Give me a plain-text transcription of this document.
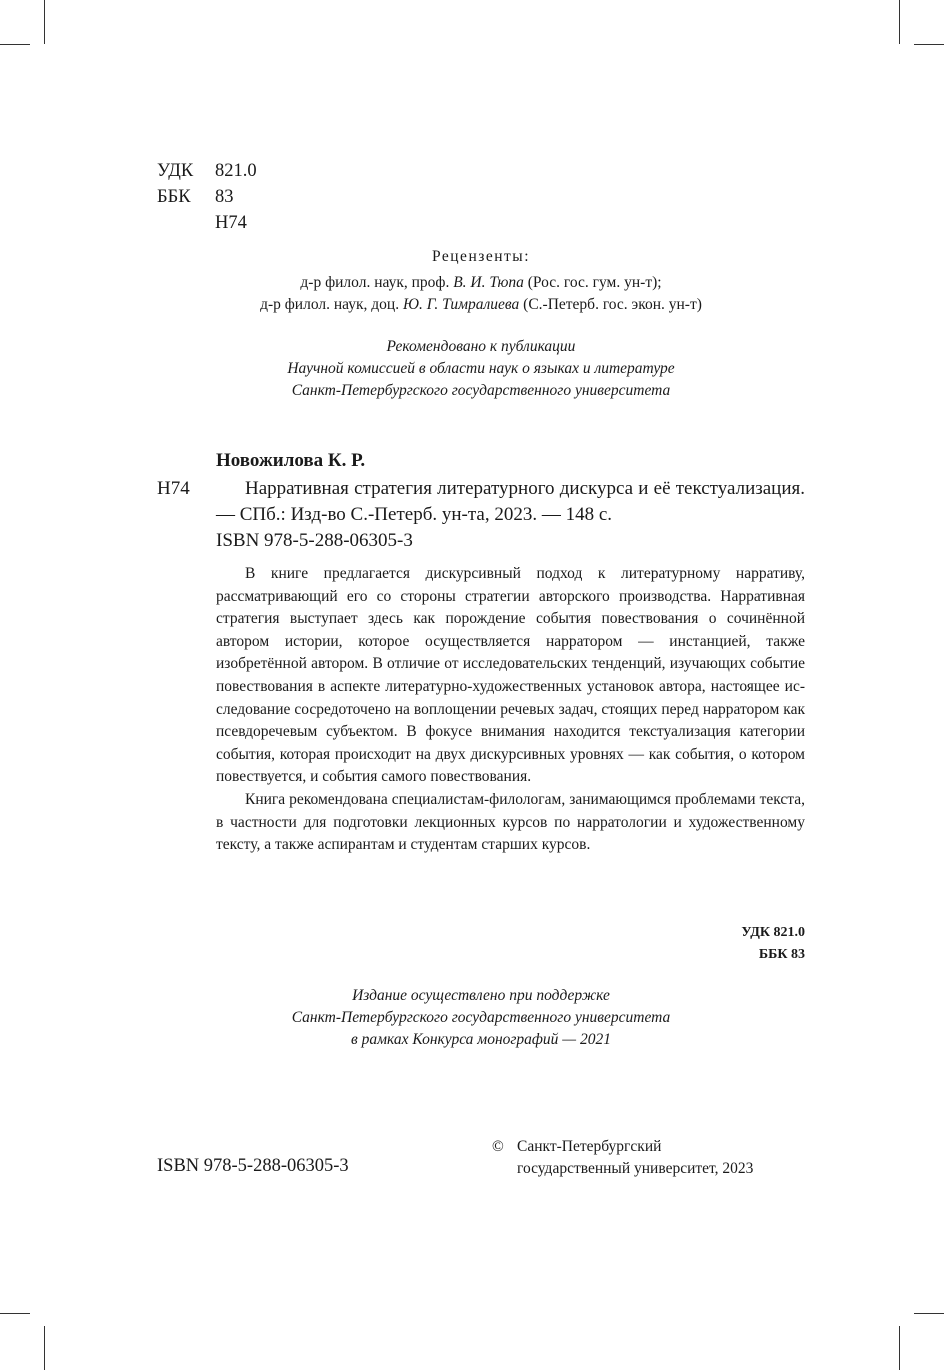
УДК	821.0
ББК	83
Н74
Рецензенты:
д-р филол. наук, проф. В. И. Тюпа (Рос. гос. гум. ун-т);
д-р филол. наук, доц. Ю. Г. Тимралиева (С.-Петерб. гос. экон. ун-т)
Рекомендовано к публикации
Научной комиссией в области наук о языках и литературе
Санкт-Петербургского государственного университета
Новожилова К. Р.
Н74	Нарративная стратегия литературного дискурса и её текстуализация. — СПб.: Изд-во С.-Петерб. ун-та, 2023. — 148 с.

ISBN 978-5-288-06305-3

В книге предлагается дискурсивный подход к литературному нарративу, рассматривающий его со стороны стратегии авторского производства. Нарративная стратегия выступает здесь как порождение события повествования о сочинённой автором истории, которое осуществляется нарратором — инстанцией, также изобретённой автором. В отличие от исследовательских тенденций, изучающих событие повествования в аспекте литературно-художественных установок автора, настоящее исследование сосредоточено на воплощении речевых задач, стоящих перед нарратором как псевдоречевым субъектом. В фокусе внимания находится текстуализация категории события, которая происходит на двух дискурсивных уровнях — как события, о котором повествуется, и события самого повествования.

Книга рекомендована специалистам-филологам, занимающимся проблемами текста, в частности для подготовки лекционных курсов по нарратологии и художественному тексту, а также аспирантам и студентам старших курсов.

УДК 821.0
ББК 83
Издание осуществлено при поддержке
Санкт-Петербургского государственного университета
в рамках Конкурса монографий — 2021
ISBN 978-5-288-06305-3
© Санкт-Петербургский
государственный университет, 2023
